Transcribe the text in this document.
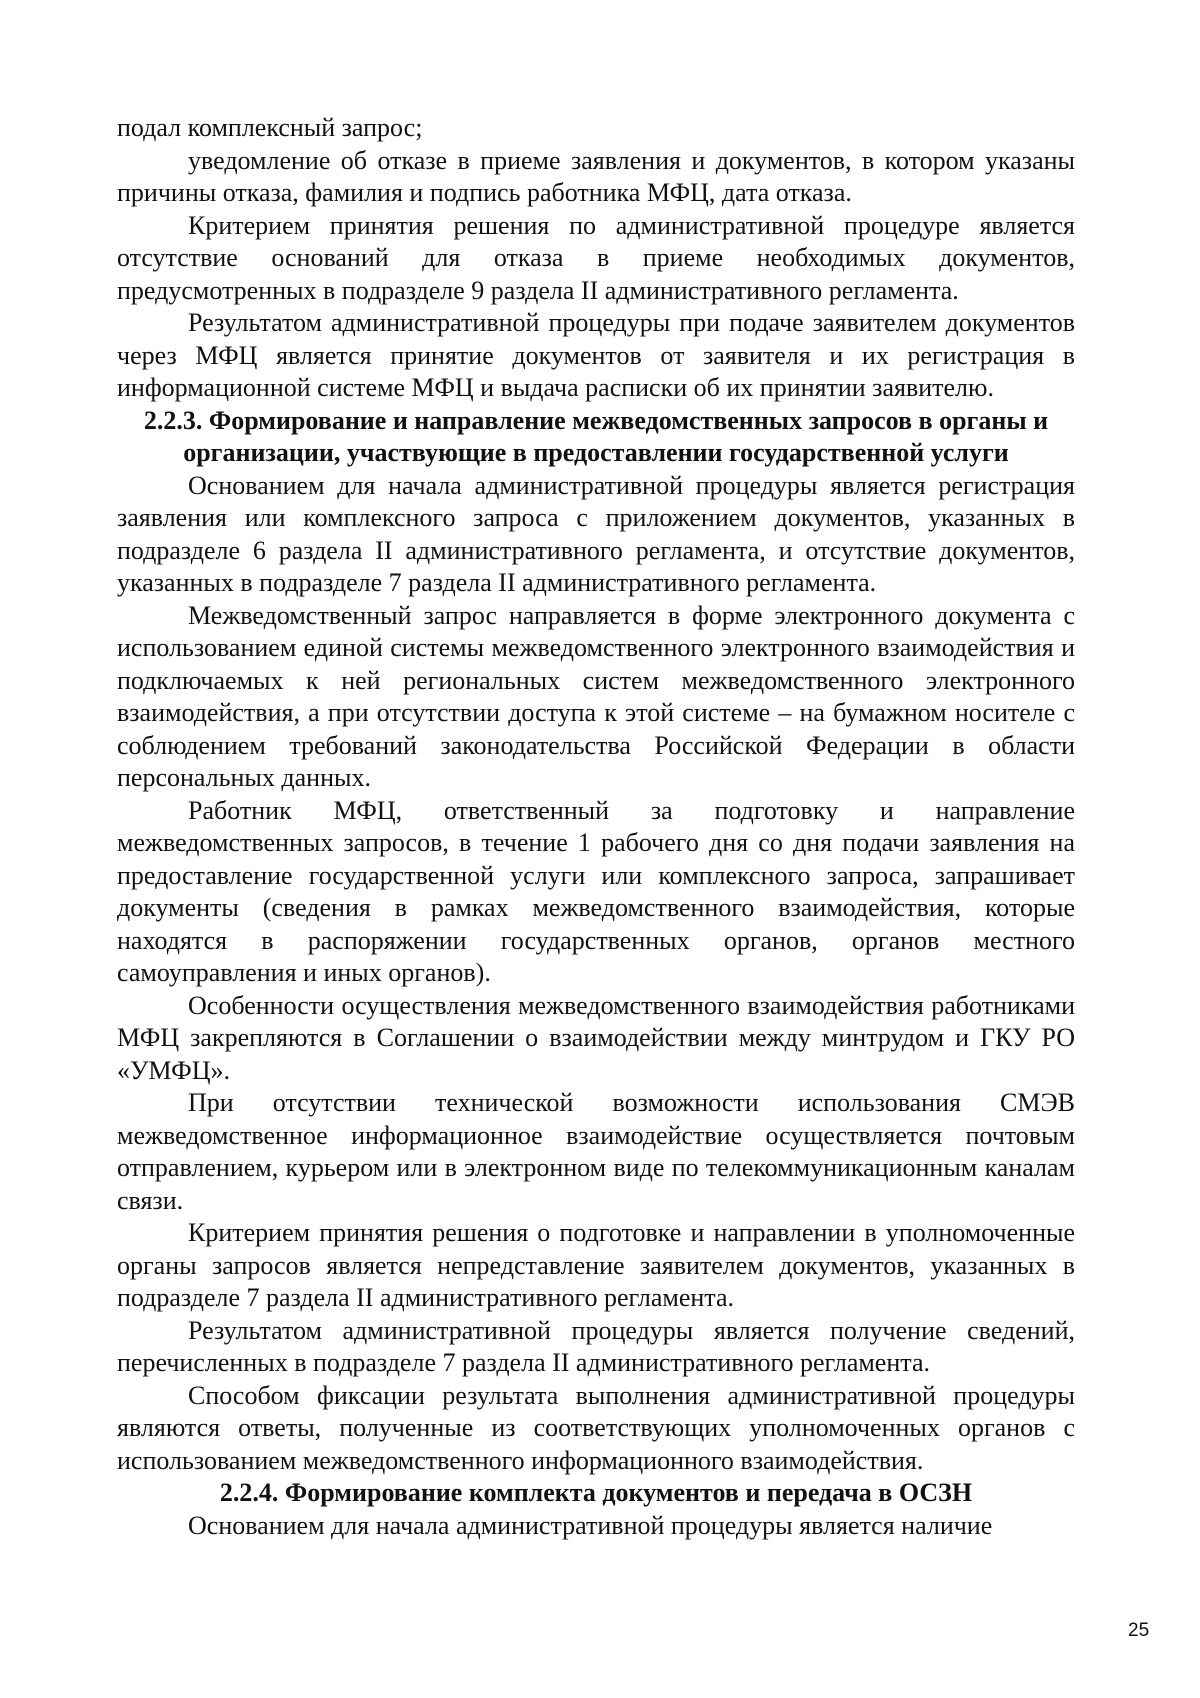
подал комплексный запрос;

уведомление об отказе в приеме заявления и документов, в котором указаны причины отказа, фамилия и подпись работника МФЦ, дата отказа.

Критерием принятия решения по административной процедуре является отсутствие оснований для отказа в приеме необходимых документов, предусмотренных в подразделе 9 раздела II административного регламента.

Результатом административной процедуры при подаче заявителем документов через МФЦ является принятие документов от заявителя и их регистрация в информационной системе МФЦ и выдача расписки об их принятии заявителю.

2.2.3. Формирование и направление межведомственных запросов в органы и организации, участвующие в предоставлении государственной услуги

Основанием для начала административной процедуры является регистрация заявления или комплексного запроса с приложением документов, указанных в подразделе 6 раздела II административного регламента, и отсутствие документов, указанных в подразделе 7 раздела II административного регламента.

Межведомственный запрос направляется в форме электронного документа с использованием единой системы межведомственного электронного взаимодействия и подключаемых к ней региональных систем межведомственного электронного взаимодействия, а при отсутствии доступа к этой системе – на бумажном носителе с соблюдением требований законодательства Российской Федерации в области персональных данных.

Работник МФЦ, ответственный за подготовку и направление межведомственных запросов, в течение 1 рабочего дня со дня подачи заявления на предоставление государственной услуги или комплексного запроса, запрашивает документы (сведения в рамках межведомственного взаимодействия, которые находятся в распоряжении государственных органов, органов местного самоуправления и иных органов).

Особенности осуществления межведомственного взаимодействия работниками МФЦ закрепляются в Соглашении о взаимодействии между минтрудом и ГКУ РО «УМФЦ».

При отсутствии технической возможности использования СМЭВ межведомственное информационное взаимодействие осуществляется почтовым отправлением, курьером или в электронном виде по телекоммуникационным каналам связи.

Критерием принятия решения о подготовке и направлении в уполномоченные органы запросов является непредставление заявителем документов, указанных в подразделе 7 раздела II административного регламента.

Результатом административной процедуры является получение сведений, перечисленных в подразделе 7 раздела II административного регламента.

Способом фиксации результата выполнения административной процедуры являются ответы, полученные из соответствующих уполномоченных органов с использованием межведомственного информационного взаимодействия.

2.2.4. Формирование комплекта документов и передача в ОСЗН

Основанием для начала административной процедуры является наличие

25
